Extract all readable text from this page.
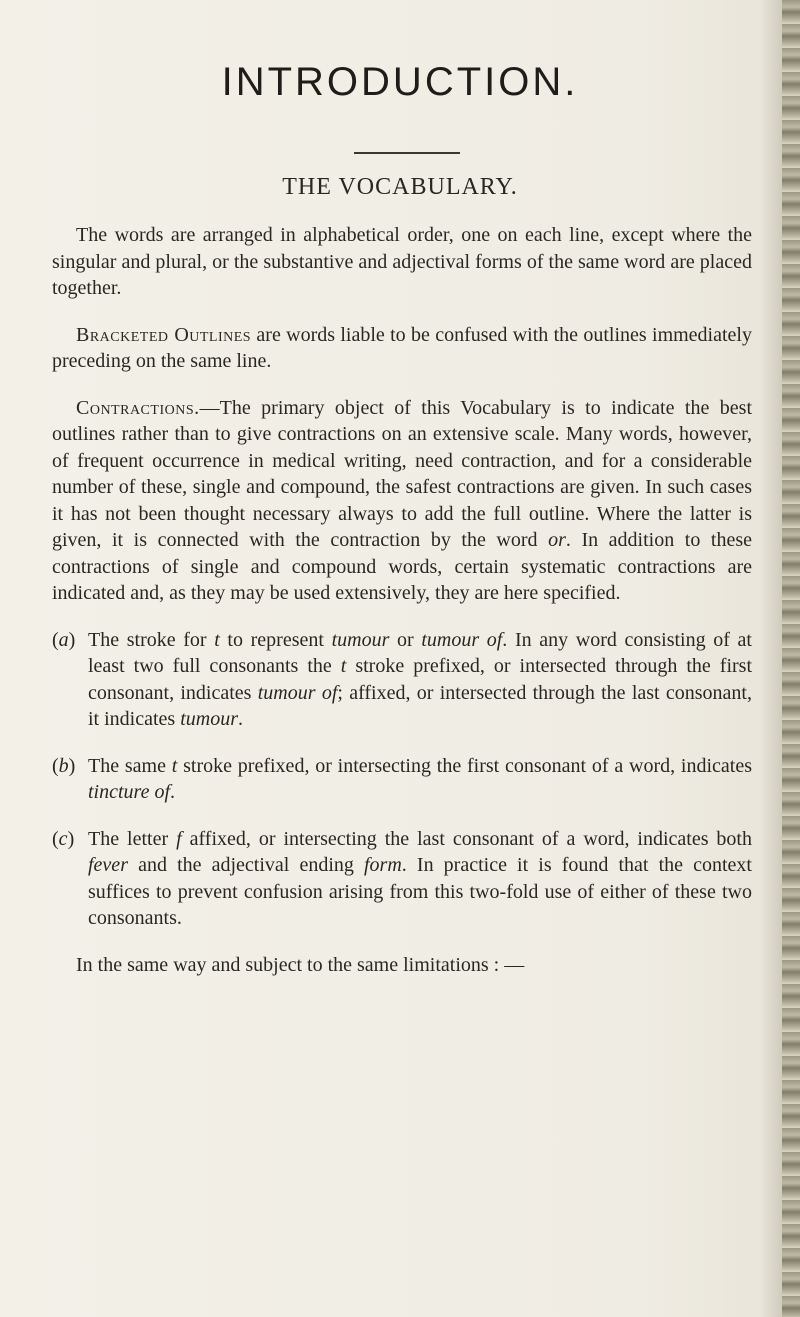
INTRODUCTION.
THE VOCABULARY.

The words are arranged in alphabetical order, one on each line, except where the singular and plural, or the substantive and adjectival forms of the same word are placed together.

Bracketed Outlines are words liable to be confused with the outlines immediately preceding on the same line.

Contractions.—The primary object of this Vocabulary is to indicate the best outlines rather than to give contractions on an extensive scale. Many words, however, of frequent occurrence in medical writing, need contraction, and for a considerable number of these, single and compound, the safest contractions are given. In such cases it has not been thought necessary always to add the full outline. Where the latter is given, it is connected with the contraction by the word or. In addition to these contractions of single and compound words, certain systematic contractions are indicated and, as they may be used extensively, they are here specified.

(a) The stroke for t to represent tumour or tumour of. In any word consisting of at least two full consonants the t stroke prefixed, or intersected through the first consonant, indicates tumour of; affixed, or intersected through the last consonant, it indicates tumour.
(b) The same t stroke prefixed, or intersecting the first consonant of a word, indicates tincture of.
(c) The letter f affixed, or intersecting the last consonant of a word, indicates both fever and the adjectival ending form. In practice it is found that the context suffices to prevent confusion arising from this two-fold use of either of these two consonants.

In the same way and subject to the same limitations : —
